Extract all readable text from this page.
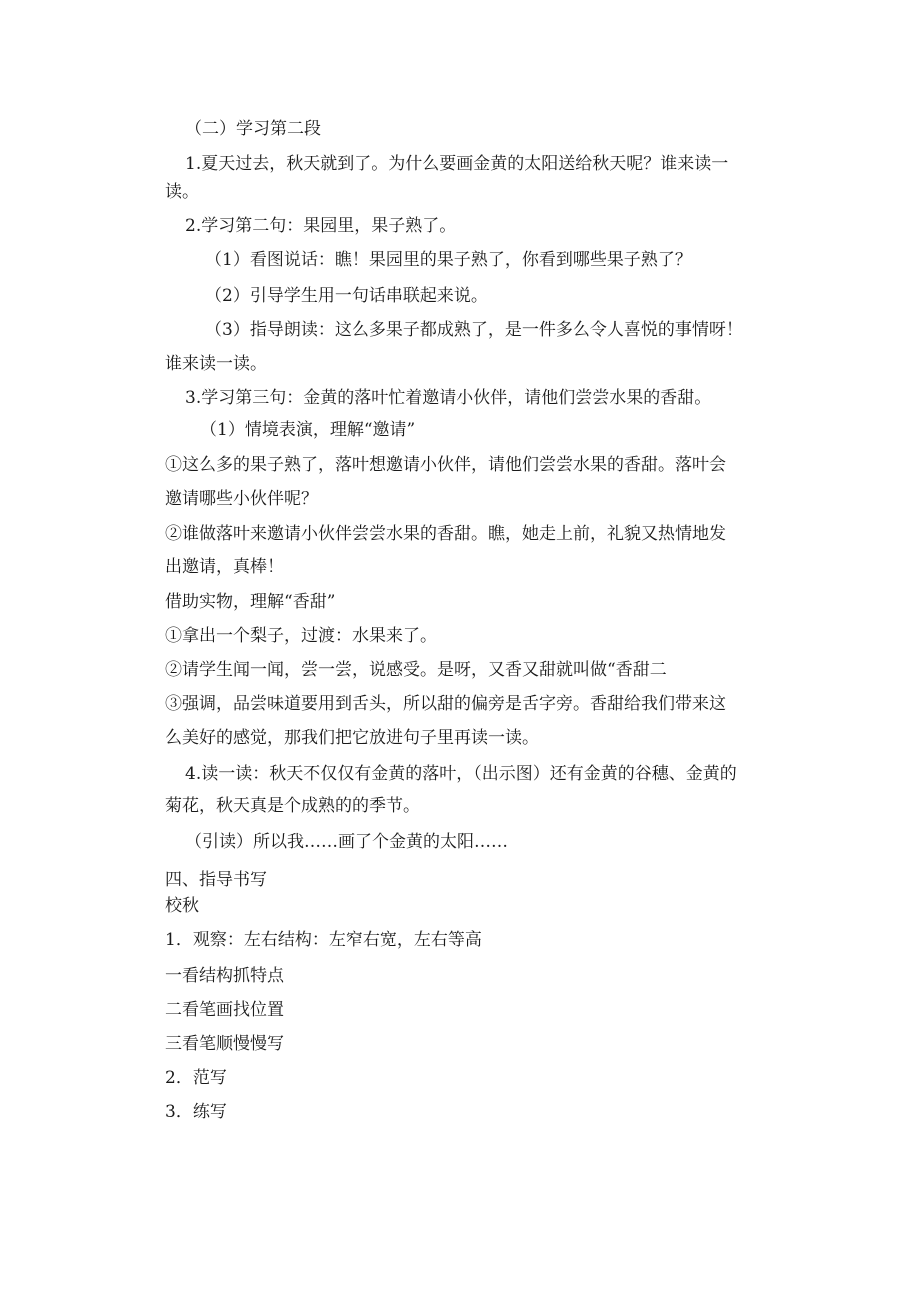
（二）学习第二段
1.夏天过去，秋天就到了。为什么要画金黄的太阳送给秋天呢？谁来读一
读。
2.学习第二句：果园里，果子熟了。
（1）看图说话：瞧！果园里的果子熟了，你看到哪些果子熟了？
（2）引导学生用一句话串联起来说。
（3）指导朗读：这么多果子都成熟了，是一件多么令人喜悦的事情呀！
谁来读一读。
3.学习第三句：金黄的落叶忙着邀请小伙伴，请他们尝尝水果的香甜。
（1）情境表演，理解“邀请”
①这么多的果子熟了，落叶想邀请小伙伴，请他们尝尝水果的香甜。落叶会
邀请哪些小伙伴呢？
②谁做落叶来邀请小伙伴尝尝水果的香甜。瞧，她走上前，礼貌又热情地发
出邀请，真棒！
借助实物，理解“香甜”
①拿出一个梨子，过渡：水果来了。
②请学生闻一闻，尝一尝，说感受。是呀，又香又甜就叫做“香甜二
③强调，品尝味道要用到舌头，所以甜的偏旁是舌字旁。香甜给我们带来这
么美好的感觉，那我们把它放进句子里再读一读。
4.读一读：秋天不仅仅有金黄的落叶，（出示图）还有金黄的谷穗、金黄的
菊花，秋天真是个成熟的的季节。
（引读）所以我……画了个金黄的太阳……
四、指导书写
校秋
1．观察：左右结构：左窄右宽，左右等高
一看结构抓特点
二看笔画找位置
三看笔顺慢慢写
2．范写
3．练写
